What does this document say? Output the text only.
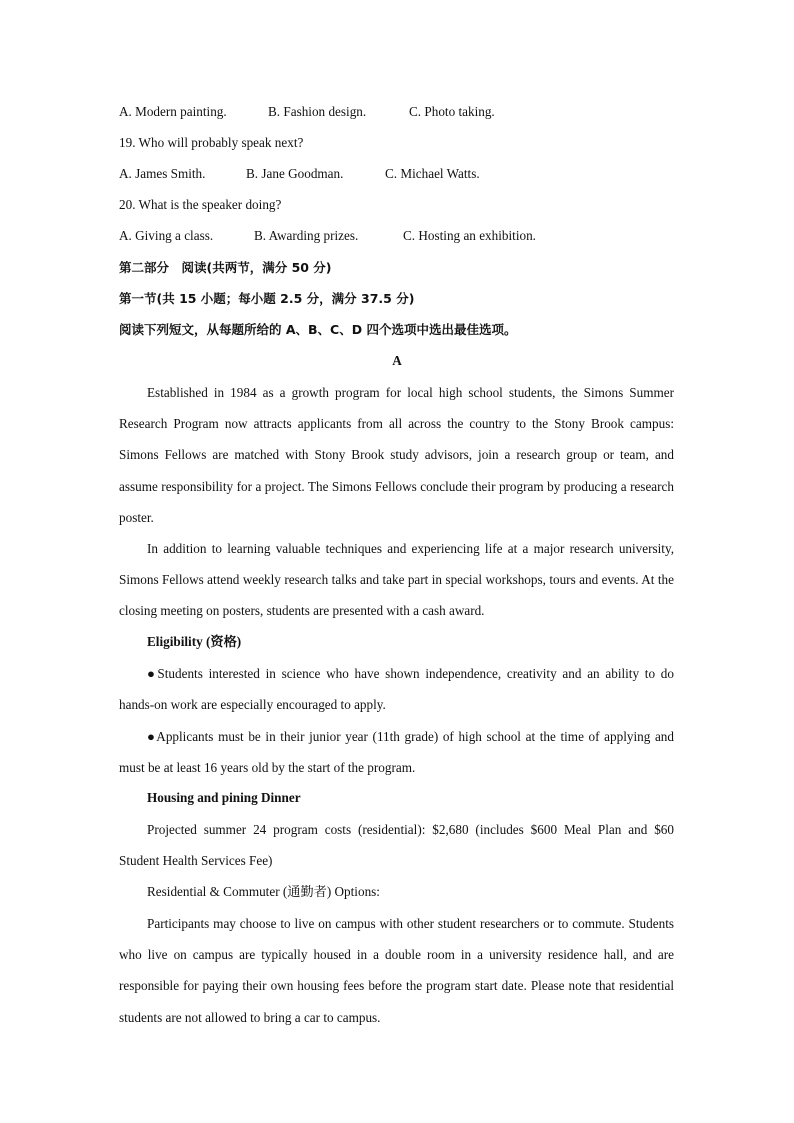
A. Modern painting.	B. Fashion design.	C. Photo taking.
19. Who will probably speak next?
A. James Smith.	B. Jane Goodman.	C. Michael Watts.
20. What is the speaker doing?
A. Giving a class.	B. Awarding prizes.	C. Hosting an exhibition.
第二部分　阅读(共两节，满分 50 分)
第一节(共 15 小题；每小题 2.5 分，满分 37.5 分)
阅读下列短文，从每题所给的 A、B、C、D 四个选项中选出最佳选项。
A
Established in 1984 as a growth program for local high school students, the Simons Summer Research Program now attracts applicants from all across the country to the Stony Brook campus: Simons Fellows are matched with Stony Brook study advisors, join a research group or team, and assume responsibility for a project. The Simons Fellows conclude their program by producing a research poster.
In addition to learning valuable techniques and experiencing life at a major research university, Simons Fellows attend weekly research talks and take part in special workshops, tours and events. At the closing meeting on posters, students are presented with a cash award.
Eligibility (资格)
●Students interested in science who have shown independence, creativity and an ability to do hands-on work are especially encouraged to apply.
●Applicants must be in their junior year (11th grade) of high school at the time of applying and must be at least 16 years old by the start of the program.
Housing and pining Dinner
Projected summer 24 program costs (residential): $2,680 (includes $600 Meal Plan and $60 Student Health Services Fee)
Residential & Commuter (通勤者) Options:
Participants may choose to live on campus with other student researchers or to commute. Students who live on campus are typically housed in a double room in a university residence hall, and are responsible for paying their own housing fees before the program start date. Please note that residential students are not allowed to bring a car to campus.
